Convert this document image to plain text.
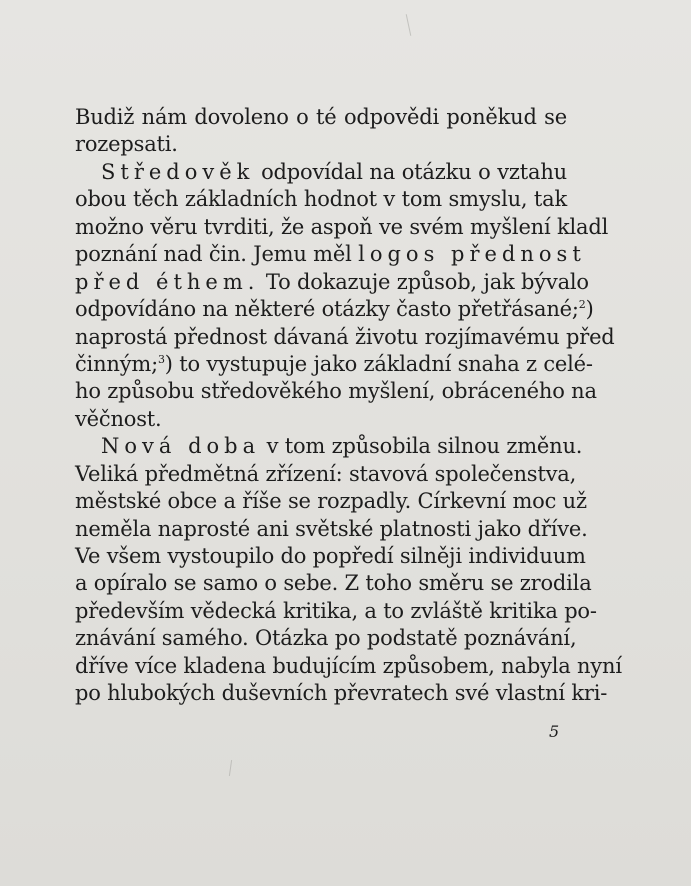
Budiž nám dovoleno o té odpovědi poněkud se
rozepsati.
Středověk odpovídal na otázku o vztahu
obou těch základních hodnot v tom smyslu, tak
možno věru tvrditi, že aspoň ve svém myšlení kladl
poznání nad čin. Jemu měl logos přednost
před éthem. To dokazuje způsob, jak bývalo
odpovídáno na některé otázky často přetřásané;$^2$)
naprostá přednost dávaná životu rozjímavému před
činným;$^3$) to vystupuje jako základní snaha z celé-
ho způsobu středověkého myšlení, obráceného na
věčnost.
Nová doba v tom způsobila silnou změnu.
Veliká předmětná zřízení: stavová společenstva,
městské obce a říše se rozpadly. Církevní moc už
neměla naprosté ani světské platnosti jako dříve.
Ve všem vystoupilo do popředí silněji individuum
a opíralo se samo o sebe. Z toho směru se zrodila
především vědecká kritika, a to zvláště kritika po-
znávání samého. Otázka po podstatě poznávání,
dříve více kladena budujícím způsobem, nabyla nyní
po hlubokých duševních převratech své vlastní kri-
5
